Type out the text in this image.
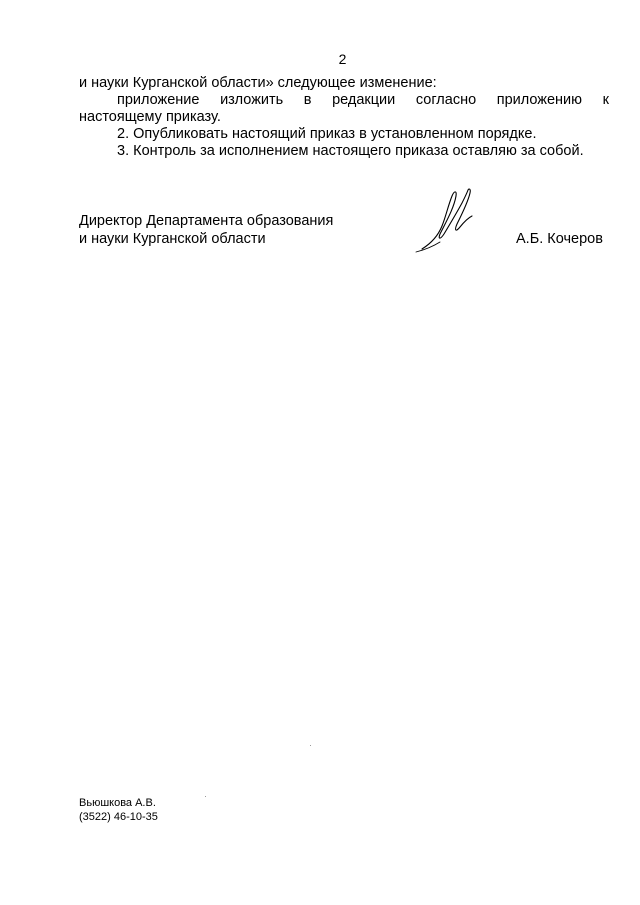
2
и науки Курганской области» следующее изменение:
приложение изложить в редакции согласно приложению к
настоящему приказу.
2. Опубликовать настоящий приказ в установленном порядке.
3. Контроль за исполнением настоящего приказа оставляю за собой.
Директор Департамента образования
и науки Курганской области	А.Б. Кочеров
Вьюшкова А.В.
(3522) 46-10-35
